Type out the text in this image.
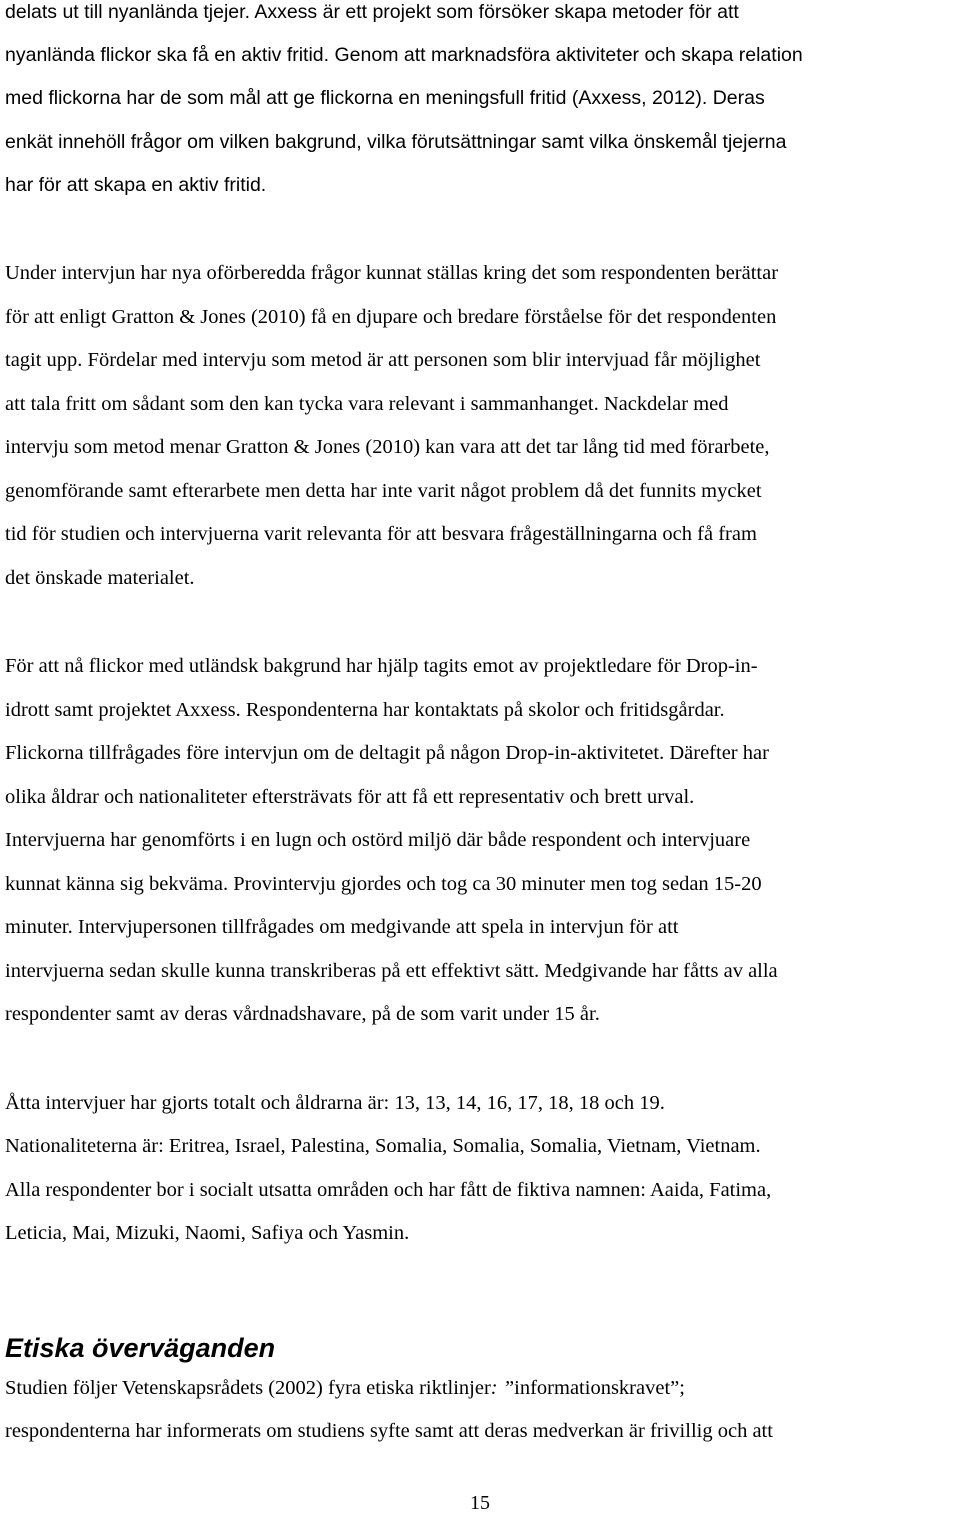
delats ut till nyanlända tjejer. Axxess är ett projekt som försöker skapa metoder för att
nyanlända flickor ska få en aktiv fritid. Genom att marknadsföra aktiviteter och skapa relation
med flickorna har de som mål att ge flickorna en meningsfull fritid (Axxess, 2012). Deras
enkät innehöll frågor om vilken bakgrund, vilka förutsättningar samt vilka önskemål tjejerna
har för att skapa en aktiv fritid.
Under intervjun har nya oförberedda frågor kunnat ställas kring det som respondenten berättar
för att enligt Gratton & Jones (2010) få en djupare och bredare förståelse för det respondenten
tagit upp. Fördelar med intervju som metod är att personen som blir intervjuad får möjlighet
att tala fritt om sådant som den kan tycka vara relevant i sammanhanget. Nackdelar med
intervju som metod menar Gratton & Jones (2010) kan vara att det tar lång tid med förarbete,
genomförande samt efterarbete men detta har inte varit något problem då det funnits mycket
tid för studien och intervjuerna varit relevanta för att besvara frågeställningarna och få fram
det önskade materialet.
För att nå flickor med utländsk bakgrund har hjälp tagits emot av projektledare för Drop-in-
idrott samt projektet Axxess. Respondenterna har kontaktats på skolor och fritidsgårdar.
Flickorna tillfrågades före intervjun om de deltagit på någon Drop-in-aktivitetet. Därefter har
olika åldrar och nationaliteter eftersträvats för att få ett representativ och brett urval.
Intervjuerna har genomförts i en lugn och ostörd miljö där både respondent och intervjuare
kunnat känna sig bekväma. Provintervju gjordes och tog ca 30 minuter men tog sedan 15-20
minuter. Intervjupersonen tillfrågades om medgivande att spela in intervjun för att
intervjuerna sedan skulle kunna transkriberas på ett effektivt sätt. Medgivande har fåtts av alla
respondenter samt av deras vårdnadshavare, på de som varit under 15 år.
Åtta intervjuer har gjorts totalt och åldrarna är: 13, 13, 14, 16, 17, 18, 18 och 19.
Nationaliteterna är: Eritrea, Israel, Palestina, Somalia, Somalia, Somalia, Vietnam, Vietnam.
Alla respondenter bor i socialt utsatta områden och har fått de fiktiva namnen: Aaida, Fatima,
Leticia, Mai, Mizuki, Naomi, Safiya och Yasmin.
Etiska överväganden
Studien följer Vetenskapsrådets (2002) fyra etiska riktlinjer: ”informationskravet”;
respondenterna har informerats om studiens syfte samt att deras medverkan är frivillig och att
15
